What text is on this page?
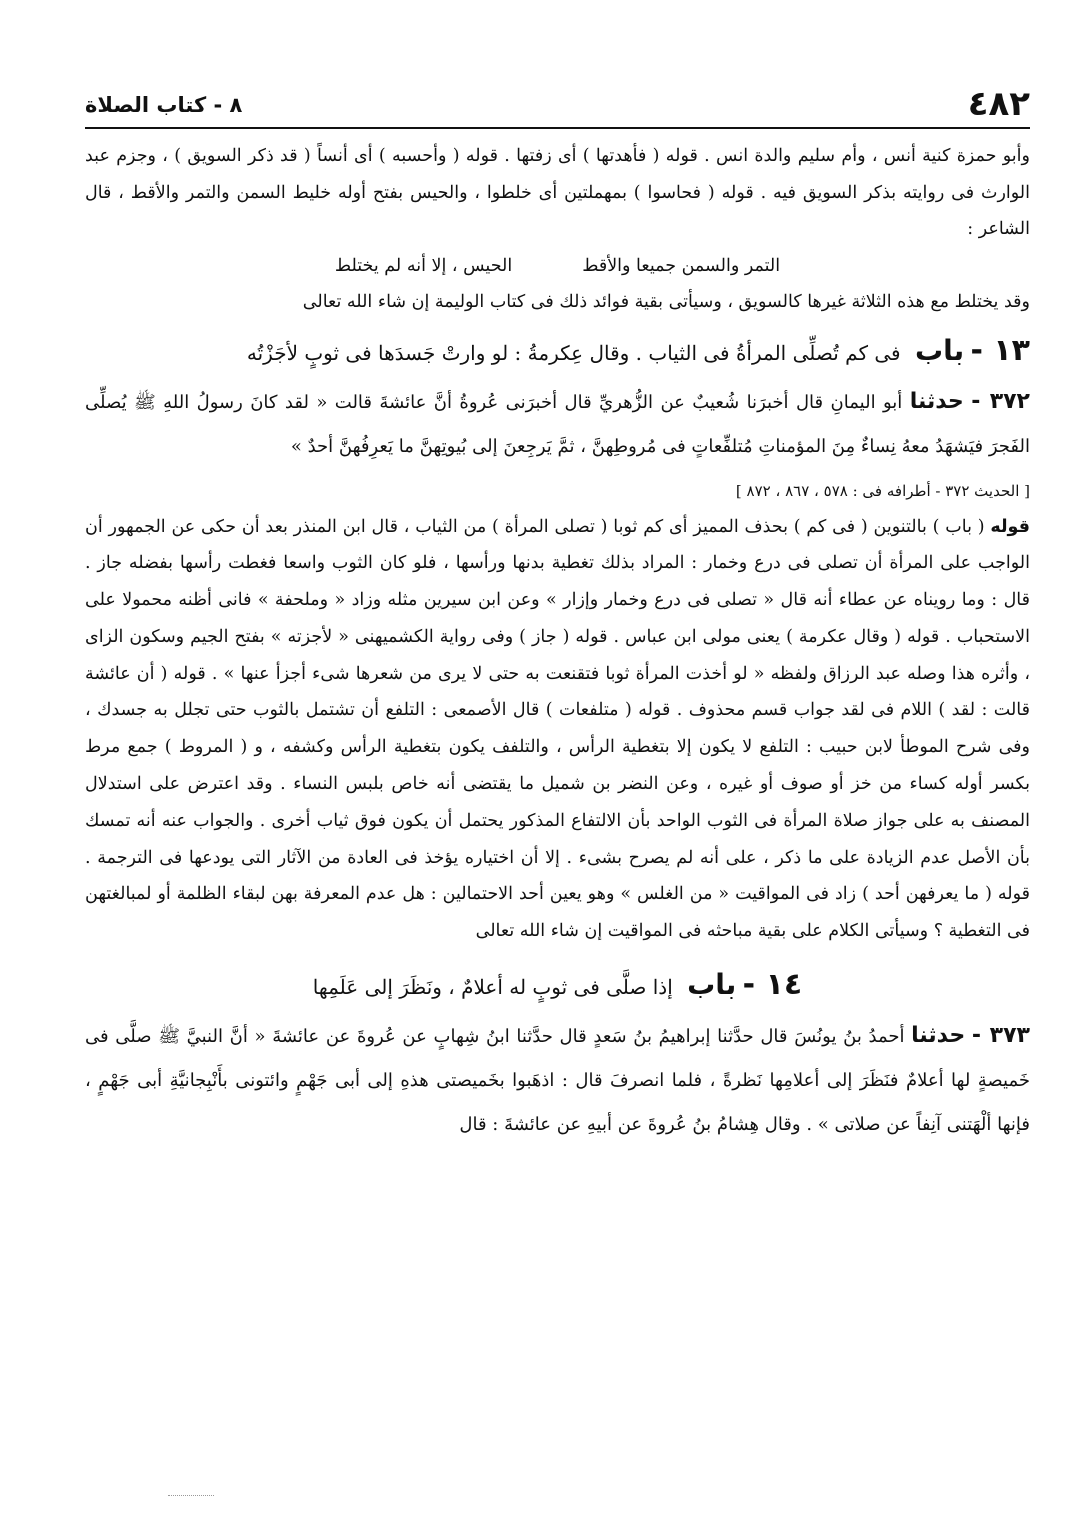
٤٨٢
٨ - كتاب الصلاة

وأبو حمزة كنية أنس ، وأم سليم والدة انس . قوله ( فأهدتها ) أى زفتها . قوله ( وأحسبه ) أى أنساً ( قد ذكر السويق ) ، وجزم عبد الوارث فى روايته بذكر السويق فيه . قوله ( فحاسوا ) بمهملتين أى خلطوا ، والحيس بفتح أوله خليط السمن والتمر والأقط ، قال الشاعر :

التمر والسمن جميعا والأقط
الحيس ، إلا أنه لم يختلط

وقد يختلط مع هذه الثلاثة غيرها كالسويق ، وسيأتى بقية فوائد ذلك فى كتاب الوليمة إن شاء الله تعالى

١٣ - باب فى كم تُصلِّى المرأةُ فى الثياب . وقال عِكرمةُ : لو وارتْ جَسدَها فى ثوبٍ لأجَزْتُه

٣٧٢ - حدثنا أبو اليمانِ قال أخبرَنا شُعيبٌ عن الزُّهريِّ قال أخبرَنى عُروةُ أنَّ عائشةَ قالت « لقد كانَ رسولُ اللهِ ﷺ يُصلِّى الفَجرَ فيَشهَدُ معهُ نِساءٌ مِنَ المؤمناتِ مُتلفِّعاتٍ فى مُروطِهنَّ ، ثمَّ يَرجِعنَ إلى بُيوتِهنَّ ما يَعرِفُهنَّ أحدٌ »

[ الحديث ٣٧٢ - أطرافه فى : ٥٧٨ ، ٨٦٧ ، ٨٧٢ ]

قوله ( باب ) بالتنوين ( فى كم ) بحذف المميز أى كم ثوبا ( تصلى المرأة ) من الثياب ، قال ابن المنذر بعد أن حكى عن الجمهور أن الواجب على المرأة أن تصلى فى درع وخمار : المراد بذلك تغطية بدنها ورأسها ، فلو كان الثوب واسعا فغطت رأسها بفضله جاز . قال : وما رويناه عن عطاء أنه قال « تصلى فى درع وخمار وإزار » وعن ابن سيرين مثله وزاد « وملحفة » فانى أظنه محمولا على الاستحباب . قوله ( وقال عكرمة ) يعنى مولى ابن عباس . قوله ( جاز ) وفى رواية الكشميهنى « لأجزته » بفتح الجيم وسكون الزاى ، وأثره هذا وصله عبد الرزاق ولفظه « لو أخذت المرأة ثوبا فتقنعت به حتى لا يرى من شعرها شىء أجزأ عنها » . قوله ( أن عائشة قالت : لقد ) اللام فى لقد جواب قسم محذوف . قوله ( متلفعات ) قال الأصمعى : التلفع أن تشتمل بالثوب حتى تجلل به جسدك ، وفى شرح الموطأ لابن حبيب : التلفع لا يكون إلا بتغطية الرأس ، والتلفف يكون بتغطية الرأس وكشفه ، و ( المروط ) جمع مرط بكسر أوله كساء من خز أو صوف أو غيره ، وعن النضر بن شميل ما يقتضى أنه خاص بلبس النساء . وقد اعترض على استدلال المصنف به على جواز صلاة المرأة فى الثوب الواحد بأن الالتفاع المذكور يحتمل أن يكون فوق ثياب أخرى . والجواب عنه أنه تمسك بأن الأصل عدم الزيادة على ما ذكر ، على أنه لم يصرح بشىء . إلا أن اختياره يؤخذ فى العادة من الآثار التى يودعها فى الترجمة . قوله ( ما يعرفهن أحد ) زاد فى المواقيت « من الغلس » وهو يعين أحد الاحتمالين : هل عدم المعرفة بهن لبقاء الظلمة أو لمبالغتهن فى التغطية ؟ وسيأتى الكلام على بقية مباحثه فى المواقيت إن شاء الله تعالى

١٤ - باب إذا صلَّى فى ثوبٍ له أعلامٌ ، ونَظَرَ إلى عَلَمِها

٣٧٣ - حدثنا أحمدُ بنُ يونُسَ قال حدَّثنا إبراهيمُ بنُ سَعدٍ قال حدَّثنا ابنُ شِهابٍ عن عُروةَ عن عائشةَ « أنَّ النبيَّ ﷺ صلَّى فى خَميصةٍ لها أعلامٌ فنَظَرَ إلى أعلامِها نَظرةً ، فلما انصرفَ قال : اذهَبوا بخَميصتى هذهِ إلى أبى جَهْمٍ وائتونى بأَنْبِجانيَّةِ أبى جَهْمٍ ، فإنها ألْهَتنى آنِفاً عن صلاتى » . وقال هِشامُ بنُ عُروةَ عن أبيهِ عن عائشةَ : قال
